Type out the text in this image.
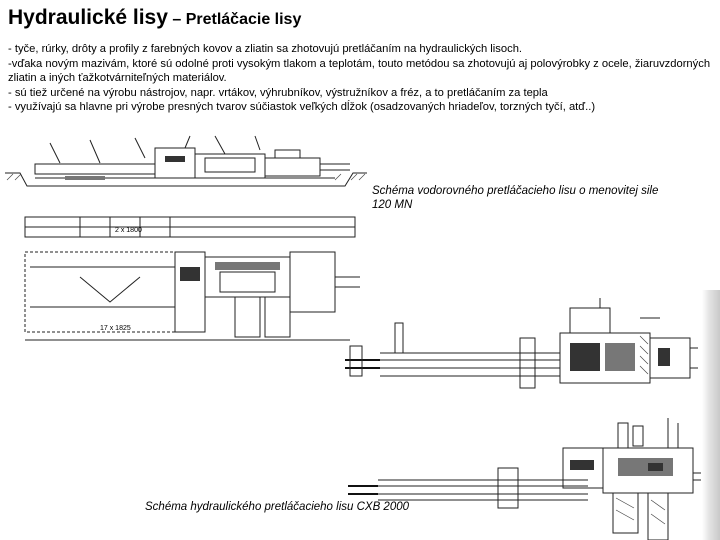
Hydraulické lisy – Pretláčacie lisy

- tyče, rúrky, drôty a profily z farebných kovov a zliatin sa zhotovujú pretláčaním na hydraulických lisoch.

-vďaka novým mazivám, ktoré sú odolné proti vysokým tlakom a teplotám, touto metódou sa zhotovujú aj polovýrobky z ocele, žiaruvzdorných zliatin a iných ťažkotvárniteľných materiálov.

- sú tiež určené na výrobu nástrojov, napr. vrtákov, výhrubníkov, výstružníkov a fréz, a to pretláčaním za tepla

- využívajú sa hlavne pri výrobe presných tvarov súčiastok veľkých dĺžok (osadzovaných hriadeľov, torzných tyčí, atď..)

2 x 1800
17 x 1825
Schéma vodorovného pretláčacieho lisu o menovitej sile 120 MN
Schéma hydraulického pretláčacieho lisu CXB 2000
